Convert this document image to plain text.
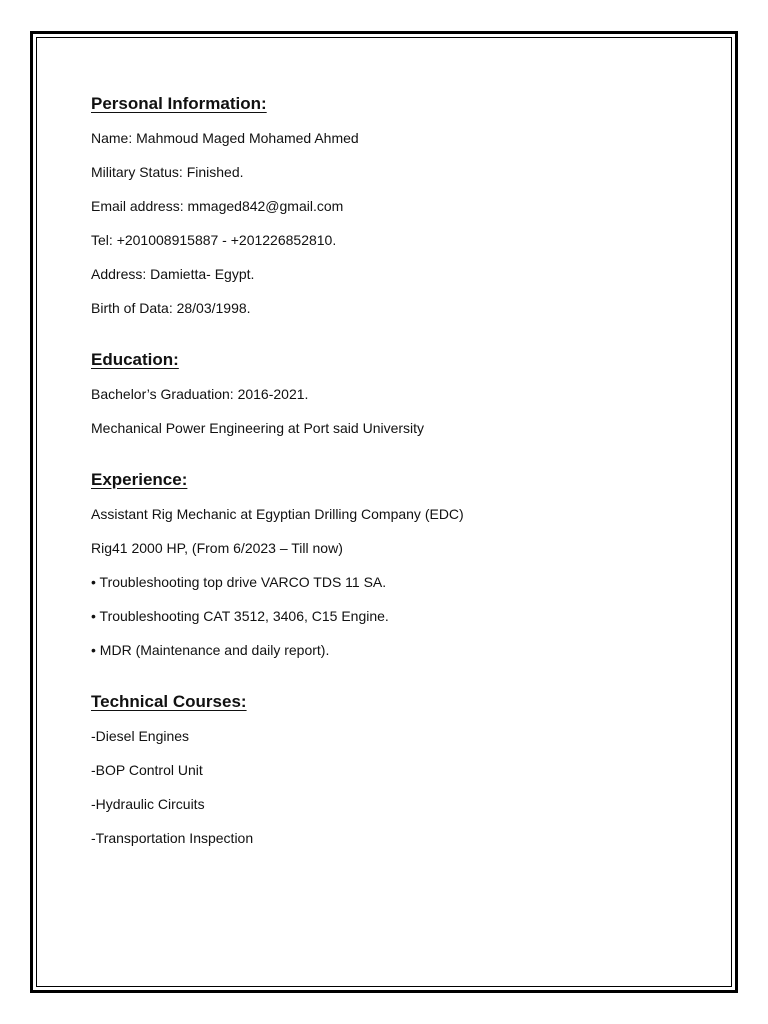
Personal Information:

Name: Mahmoud Maged Mohamed Ahmed

Military Status: Finished.

Email address: mmaged842@gmail.com

Tel: +201008915887 - +201226852810.

Address: Damietta- Egypt.

Birth of Data: 28/03/1998.

Education:

Bachelor’s Graduation: 2016-2021.

Mechanical Power Engineering at Port said University

Experience:

Assistant Rig Mechanic at Egyptian Drilling Company (EDC)

Rig41 2000 HP, (From 6/2023 – Till now)

• Troubleshooting top drive VARCO TDS 11 SA.

• Troubleshooting CAT 3512, 3406, C15 Engine.

• MDR (Maintenance and daily report).

Technical Courses:

-Diesel Engines

-BOP Control Unit

-Hydraulic Circuits

-Transportation Inspection
